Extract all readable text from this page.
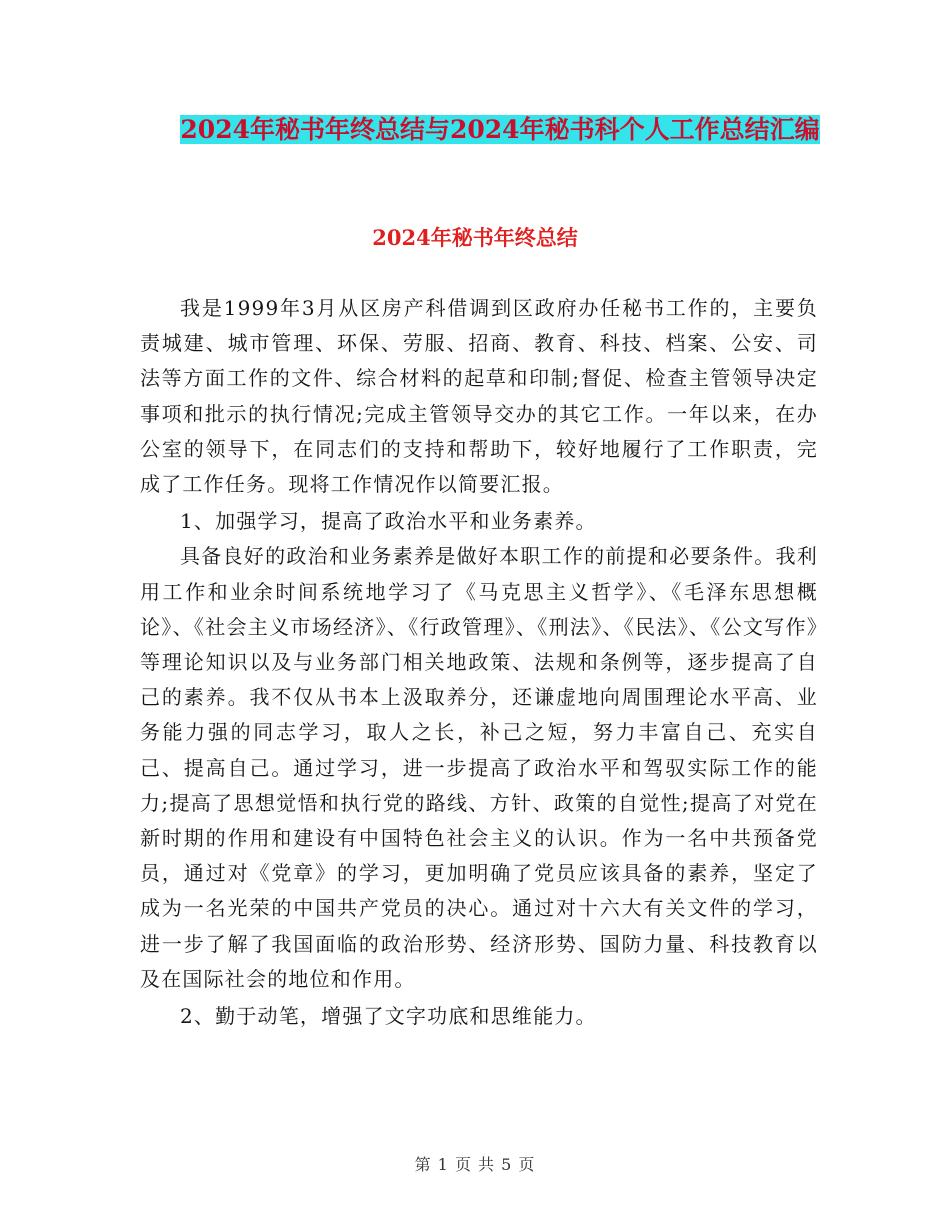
2024年秘书年终总结与2024年秘书科个人工作总结汇编
2024年秘书年终总结

我是1999年3月从区房产科借调到区政府办任秘书工作的，主要负责城建、城市管理、环保、劳服、招商、教育、科技、档案、公安、司法等方面工作的文件、综合材料的起草和印制;督促、检查主管领导决定事项和批示的执行情况;完成主管领导交办的其它工作。一年以来，在办公室的领导下，在同志们的支持和帮助下，较好地履行了工作职责，完成了工作任务。现将工作情况作以简要汇报。

1、加强学习，提高了政治水平和业务素养。

具备良好的政治和业务素养是做好本职工作的前提和必要条件。我利用工作和业余时间系统地学习了《马克思主义哲学》、《毛泽东思想概论》、《社会主义市场经济》、《行政管理》、《刑法》、《民法》、《公文写作》等理论知识以及与业务部门相关地政策、法规和条例等，逐步提高了自己的素养。我不仅从书本上汲取养分，还谦虚地向周围理论水平高、业务能力强的同志学习，取人之长，补己之短，努力丰富自己、充实自己、提高自己。通过学习，进一步提高了政治水平和驾驭实际工作的能力;提高了思想觉悟和执行党的路线、方针、政策的自觉性;提高了对党在新时期的作用和建设有中国特色社会主义的认识。作为一名中共预备党员，通过对《党章》的学习，更加明确了党员应该具备的素养，坚定了成为一名光荣的中国共产党员的决心。通过对十六大有关文件的学习，进一步了解了我国面临的政治形势、经济形势、国防力量、科技教育以及在国际社会的地位和作用。

2、勤于动笔，增强了文字功底和思维能力。

第 1 页 共 5 页
